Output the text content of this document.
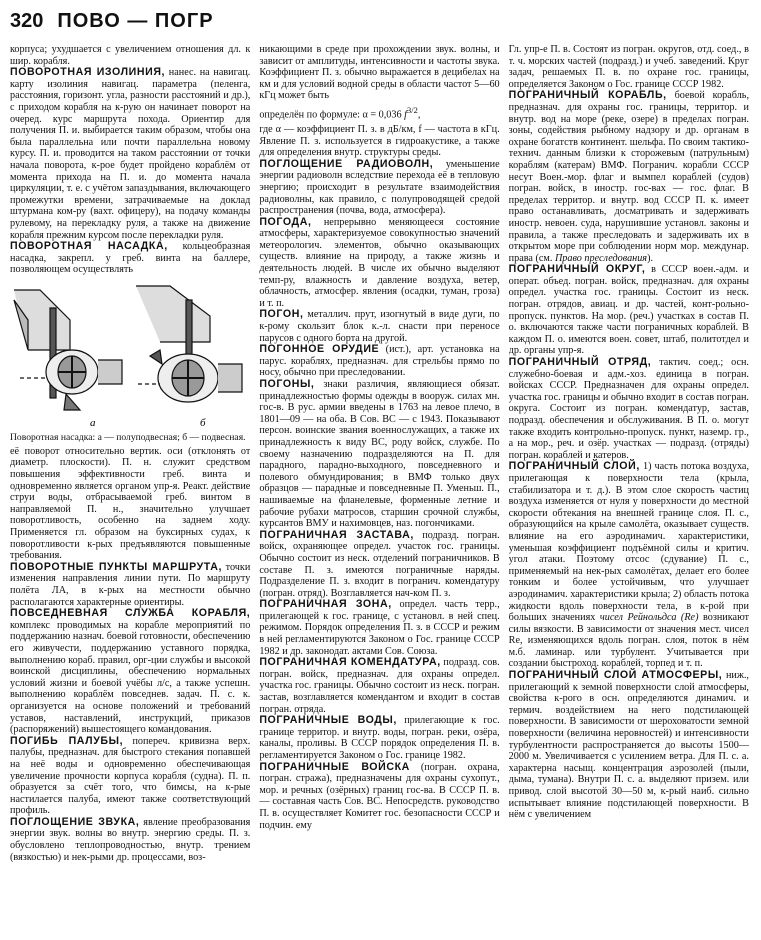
320 ПОВО — ПОГР

корпуса; ухудшается с увеличением отношения дл. к шир. корабля.

ПОВОРОТНАЯ ИЗОЛИНИЯ, нанес. на навигац. карту изолиния навигац. параметра (пеленга, расстояния, горизонт. угла, разности расстояний и др.), с приходом корабля на к-рую он начинает поворот на очеред. курс маршрута похода. Ориентир для получения П. и. выбирается таким образом, чтобы она была параллельна или почти параллельна новому курсу. П. и. проводится на таком расстоянии от точки начала поворота, к-рое будет пройдено кораблём от момента прихода на П. и. до момента начала циркуляции, т. е. с учётом запаздывания, включающего промежутки времени, затрачиваемые на доклад штурмана ком-ру (вахт. офицеру), на подачу команды рулевому, на перекладку руля, а также на движение корабля прежним курсом после перекладки руля.

ПОВОРОТНАЯ НАСАДКА, кольцеобразная насадка, закрепл. у греб. винта на баллере, позволяющем осуществлять

а	б
Поворотная насадка: а — полуподвесная; б — подвесная.

её поворот относительно вертик. оси (отклонять от диаметр. плоскости). П. н. служит средством повышения эффективности греб. винта и одновременно является органом упр-я. Реакт. действие струи воды, отбрасываемой греб. винтом в направляемой П. н., значительно улучшает поворотливость, особенно на заднем ходу. Применяется гл. образом на буксирных судах, к поворотливости к-рых предъявляются повышенные требования.

ПОВОРОТНЫЕ ПУНКТЫ МАРШРУТА, точки изменения направления линии пути. По маршруту полёта ЛА, в к-рых на местности обычно располагаются характерные ориентиры.

ПОВСЕДНЕВНАЯ СЛУЖБА КОРАБЛЯ, комплекс проводимых на корабле мероприятий по поддержанию назнач. боевой готовности, обеспечению его живучести, поддержанию уставного порядка, выполнению кораб. правил, орг-ции службы и высокой воинской дисциплины, обеспечению нормальных условий жизни и боевой учёбы л/с, а также успешн. выполнению кораблём повседнев. задач. П. с. к. организуется на основе положений и требований уставов, наставлений, инструкций, приказов (распоряжений) вышестоящего командования.

ПОГИБЬ ПАЛУБЫ, попереч. кривизна верх. палубы, предназнач. для быстрого стекания попавшей на неё воды и одновременно обеспечивающая увеличение прочности корпуса корабля (судна). П. п. образуется за счёт того, что бимсы, на к-рые настилается палуба, имеют также соответствующий профиль.

ПОГЛОЩЕНИЕ ЗВУКА, явление преобразования энергии звук. волны во внутр. энергию среды. П. з. обусловлено теплопроводностью, внутр. трением (вязкостью) и нек-рыми др. процессами, воз-

никающими в среде при прохождении звук. волны, и зависит от амплитуды, интенсивности и частоты звука. Коэффициент П. з. обычно выражается в децибелах на км и для условий водной среды в области частот 5—60 кГц может быть

определён по формуле: α = 0,036 $f^{3/2}$,

где α — коэффициент П. з. в дБ/км, f — частота в кГц. Явление П. з. используется в гидроакустике, а также для определения внутр. структуры среды.

ПОГЛОЩЕНИЕ РАДИОВОЛН, уменьшение энергии радиоволн вследствие перехода её в тепловую энергию; происходит в результате взаимодействия радиоволны, как правило, с полупроводящей средой распространения (почва, вода, атмосфера).

ПОГОДА, непрерывно меняющееся состояние атмосферы, характеризуемое совокупностью значений метеорологич. элементов, обычно оказывающих существ. влияние на природу, а также жизнь и деятельность людей. В числе их обычно выделяют темп-ру, влажность и давление воздуха, ветер, облачность, атмосфер. явления (осадки, туман, гроза) и т. п.

ПОГОН, металлич. прут, изогнутый в виде дуги, по к-рому скользит блок к.-л. снасти при переносе парусов с одного борта на другой.

ПОГОННОЕ ОРУДИЕ (ист.), арт. установка на парус. кораблях, предназнач. для стрельбы прямо по носу, обычно при преследовании.

ПОГОНЫ, знаки различия, являющиеся обязат. принадлежностью формы одежды в вооруж. силах мн. гос-в. В рус. армии введены в 1763 на левое плечо, в 1801—09 — на оба. В Сов. ВС — с 1943. Показывают персон. воинские звания военнослужащих, а также их принадлежность к виду ВС, роду войск, службе. По своему назначению подразделяются на П. для парадного, парадно-выходного, повседневного и полевого обмундирования; в ВМФ только двух образцов — парадные и повседневные П. Уменьш. П., нашиваемые на фланелевые, форменные летние и рабочие рубахи матросов, старшин срочной службы, курсантов ВМУ и нахимовцев, наз. погончиками.

ПОГРАНИЧНАЯ ЗАСТАВА, подразд. погран. войск, охраняющее определ. участок гос. границы. Обычно состоит из неск. отделений пограничников. В составе П. з. имеются пограничные наряды. Подразделение П. з. входит в погранич. комендатуру (погран. отряд). Возглавляется нач-ком П. з.

ПОГРАНИЧНАЯ ЗОНА, определ. часть терр., прилегающей к гос. границе, с установл. в ней спец. режимом. Порядок определения П. з. в СССР и режим в ней регламентируются Законом о Гос. границе СССР 1982 и др. законодат. актами Сов. Союза.

ПОГРАНИЧНАЯ КОМЕНДАТУРА, подразд. сов. погран. войск, предназнач. для охраны определ. участка гос. границы. Обычно состоит из неск. погран. застав, возглавляется комендантом и входит в состав погран. отряда.

ПОГРАНИЧНЫЕ ВОДЫ, прилегающие к гос. границе территор. и внутр. воды, погран. реки, озёра, каналы, проливы. В СССР порядок определения П. в. регламентируется Законом о Гос. границе 1982.

ПОГРАНИЧНЫЕ ВОЙСКА (погран. охрана, погран. стража), предназначены для охраны сухопут., мор. и речных (озёрных) границ гос-ва. В СССР П. в. — составная часть Сов. ВС. Непосредств. руководство П. в. осуществляет Комитет гос. безопасности СССР и подчин. ему

Гл. упр-е П. в. Состоят из погран. округов, отд. соед., в т. ч. морских частей (подразд.) и учеб. заведений. Круг задач, решаемых П. в. по охране гос. границы, определяется Законом о Гос. границе СССР 1982.

ПОГРАНИЧНЫЙ КОРАБЛЬ, боевой корабль, предназнач. для охраны гос. границы, территор. и внутр. вод на море (реке, озере) в пределах погран. зоны, содействия рыбному надзору и др. органам в охране богатств континент. шельфа. По своим тактико-технич. данным близки к сторожевым (патрульным) кораблям (катерам) ВМФ. Погранич. корабли СССР несут Воен.-мор. флаг и вымпел кораблей (судов) погран. войск, в иностр. гос-вах — гос. флаг. В пределах территор. и внутр. вод СССР П. к. имеет право останавливать, досматривать и задерживать иностр. невоен. суда, нарушившие установл. законы и правила, а также преследовать и задерживать их в открытом море при соблюдении норм мор. междунар. права (см. Право преследования).

ПОГРАНИЧНЫЙ ОКРУГ, в СССР воен.-адм. и операт. объед. погран. войск, предназнач. для охраны определ. участка гос. границы. Состоит из неск. погран. отрядов, авиац. и др. частей, конт-рольно-пропуск. пунктов. На мор. (реч.) участках в состав П. о. включаются также части пограничных кораблей. В каждом П. о. имеются воен. совет, штаб, политотдел и др. органы упр-я.

ПОГРАНИЧНЫЙ ОТРЯД, тактич. соед.; осн. служебно-боевая и адм.-хоз. единица в погран. войсках СССР. Предназначен для охраны определ. участка гос. границы и обычно входит в состав погран. округа. Состоит из погран. комендатур, застав, подразд. обеспечения и обслуживания. В П. о. могут также входить контрольно-пропуск. пункт, наземр. гр., а на мор., реч. и озёр. участках — подразд. (отряды) погран. кораблей и катеров.

ПОГРАНИЧНЫЙ СЛОЙ, 1) часть потока воздуха, прилегающая к поверхности тела (крыла, стабилизатора и т. д.). В этом слое скорость частиц воздуха изменяется от нуля у поверхности до местной скорости обтекания на внешней границе слоя. П. с., образующийся на крыле самолёта, оказывает существ. влияние на его аэродинамич. характеристики, уменьшая коэффициент подъёмной силы и критич. угол атаки. Поэтому отсос (сдувание) П. с., применяемый на нек-рых самолётах, делает его более тонким и более устойчивым, что улучшает аэродинамич. характеристики крыла; 2) область потока жидкости вдоль поверхности тела, в к-рой при больших значениях чисел Рейнольдса (Re) возникают силы вязкости. В зависимости от значения мест. чисел Re, изменяющихся вдоль погран. слоя, поток в нём м.б. ламинар. или турбулент. Учитывается при создании быстроход. кораблей, торпед и т. п.

ПОГРАНИЧНЫЙ СЛОЙ АТМОСФЕРЫ, ниж., прилегающий к земной поверхности слой атмосферы, свойства к-рого в осн. определяются динамич. и термич. воздействием на него подстилающей поверхности. В зависимости от шероховатости земной поверхности (величина неровностей) и интенсивности турбулентности распространяется до высоты 1500—2000 м. Увеличивается с усилением ветра. Для П. с. а. характерна насыщ. концентрация аэрозолей (пыли, дыма, тумана). Внутри П. с. а. выделяют призем. или привод. слой высотой 30—50 м, к-рый наиб. сильно испытывает влияние подстилающей поверхности. В нём с увеличением
